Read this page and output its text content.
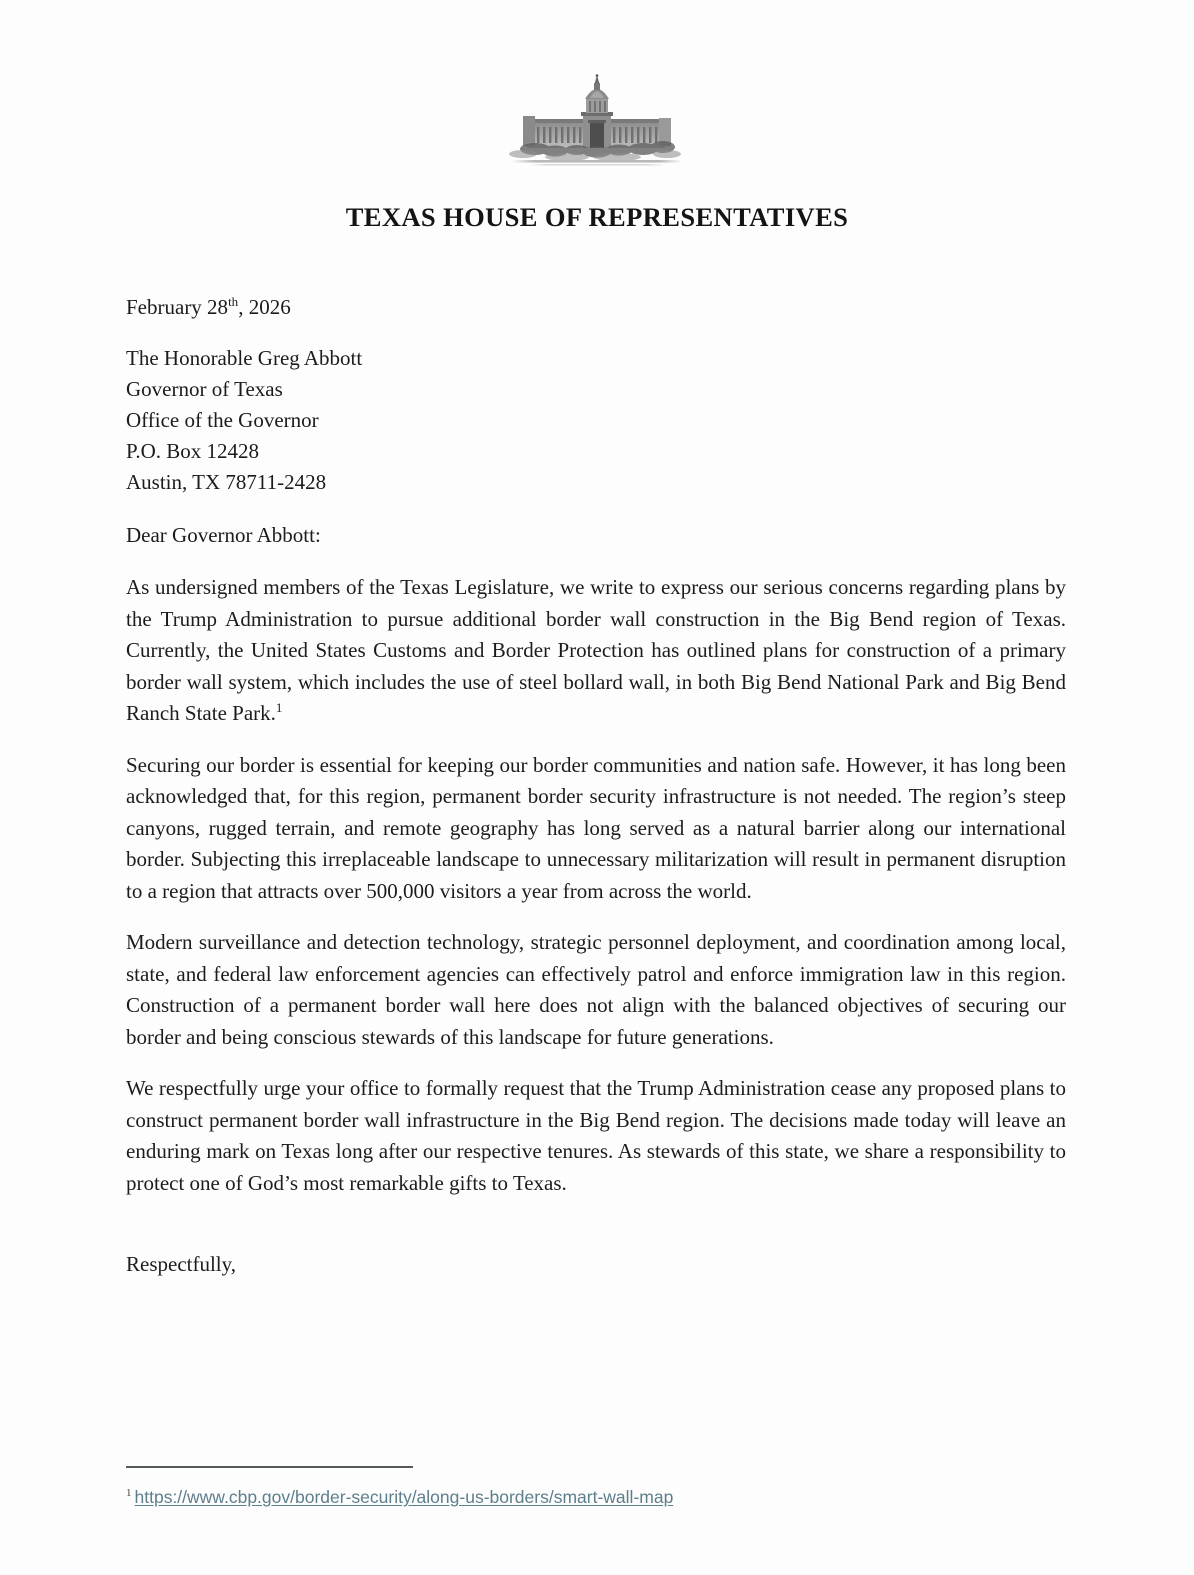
TEXAS HOUSE OF REPRESENTATIVES
February 28th, 2026
The Honorable Greg Abbott
Governor of Texas
Office of the Governor
P.O. Box 12428
Austin, TX 78711-2428
Dear Governor Abbott:
As undersigned members of the Texas Legislature, we write to express our serious concerns regarding plans by the Trump Administration to pursue additional border wall construction in the Big Bend region of Texas. Currently, the United States Customs and Border Protection has outlined plans for construction of a primary border wall system, which includes the use of steel bollard wall, in both Big Bend National Park and Big Bend Ranch State Park.$^1$
Securing our border is essential for keeping our border communities and nation safe. However, it has long been acknowledged that, for this region, permanent border security infrastructure is not needed. The region’s steep canyons, rugged terrain, and remote geography has long served as a natural barrier along our international border. Subjecting this irreplaceable landscape to unnecessary militarization will result in permanent disruption to a region that attracts over 500,000 visitors a year from across the world.
Modern surveillance and detection technology, strategic personnel deployment, and coordination among local, state, and federal law enforcement agencies can effectively patrol and enforce immigration law in this region. Construction of a permanent border wall here does not align with the balanced objectives of securing our border and being conscious stewards of this landscape for future generations.
We respectfully urge your office to formally request that the Trump Administration cease any proposed plans to construct permanent border wall infrastructure in the Big Bend region. The decisions made today will leave an enduring mark on Texas long after our respective tenures. As stewards of this state, we share a responsibility to protect one of God’s most remarkable gifts to Texas.
Respectfully,
$^1$ https://www.cbp.gov/border-security/along-us-borders/smart-wall-map
